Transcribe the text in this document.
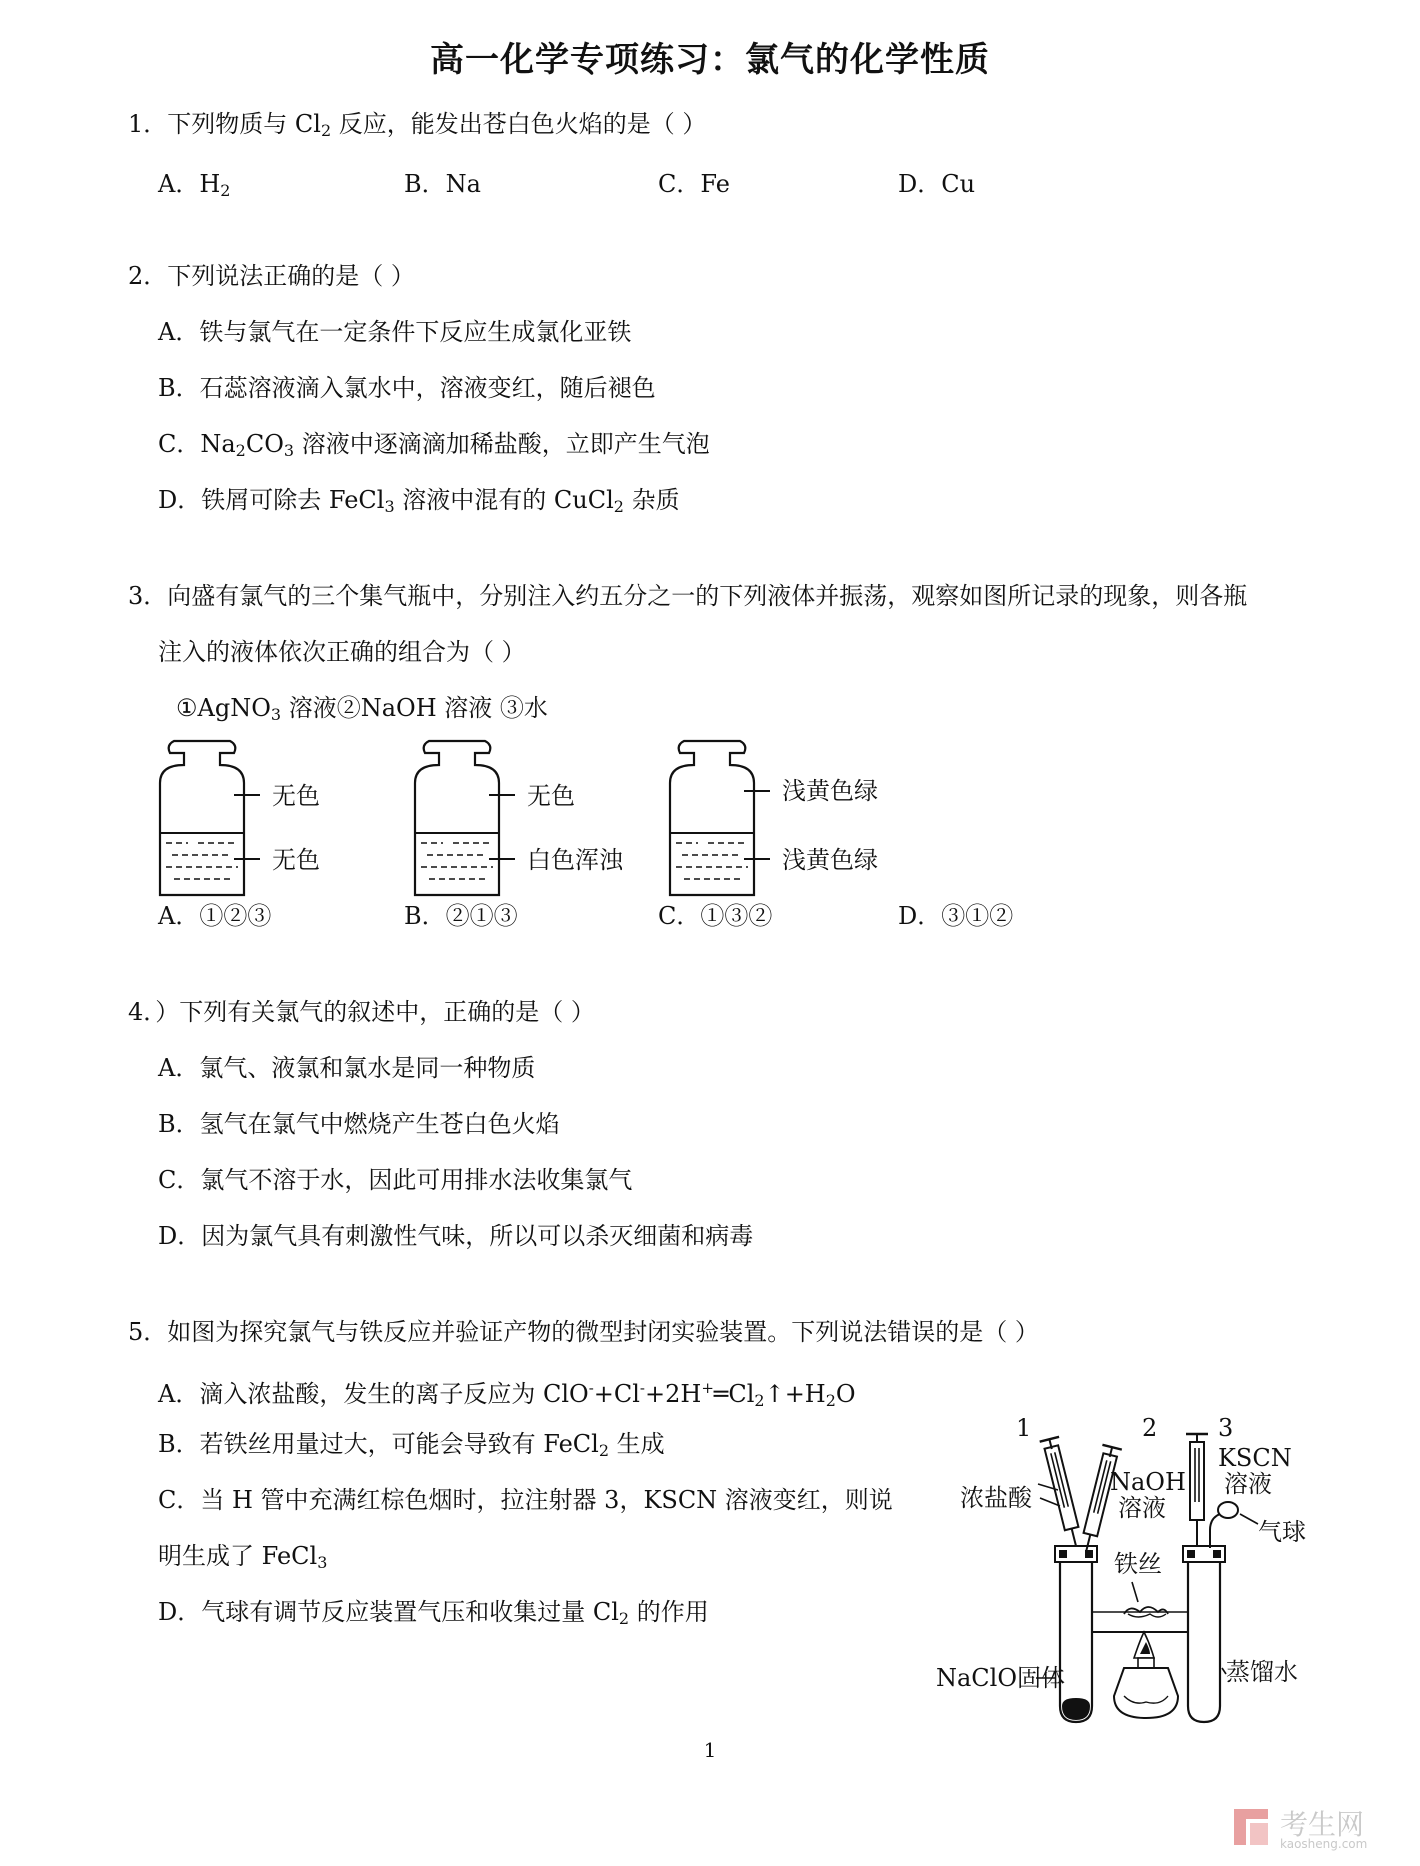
高一化学专项练习：氯气的化学性质
1．下列物质与 $Cl_2$ 反应，能发出苍白色火焰的是（ ）
A．$H_2$	B．Na	C．Fe	D．Cu
2．下列说法正确的是（ ）
A．铁与氯气在一定条件下反应生成氯化亚铁
B．石蕊溶液滴入氯水中，溶液变红，随后褪色
C．$Na_2CO_3$ 溶液中逐滴滴加稀盐酸，立即产生气泡
D．铁屑可除去 FeCl$_3$ 溶液中混有的 CuCl$_2$ 杂质
3．向盛有氯气的三个集气瓶中，分别注入约五分之一的下列液体并振荡，观察如图所记录的现象，则各瓶
注入的液体依次正确的组合为（ ）
①AgNO$_3$ 溶液②NaOH 溶液 ③水
无色
无色
无色
白色浑浊
浅黄色绿
浅黄色绿
A．①②③	B．②①③	C．①③②	D．③①②
4．）下列有关氯气的叙述中，正确的是（ ）
A．氯气、液氯和氯水是同一种物质
B．氢气在氯气中燃烧产生苍白色火焰
C．氯气不溶于水，因此可用排水法收集氯气
D．因为氯气具有刺激性气味，所以可以杀灭细菌和病毒
5．如图为探究氯气与铁反应并验证产物的微型封闭实验装置。下列说法错误的是（ ）
A．滴入浓盐酸，发生的离子反应为 $ClO^-+Cl^-+2H^+═Cl_2↑+H_2O$
B．若铁丝用量过大，可能会导致有 FeCl$_2$ 生成
C．当 H 管中充满红棕色烟时，拉注射器 3，KSCN 溶液变红，则说
明生成了 FeCl$_3$
D．气球有调节反应装置气压和收集过量 $Cl_2$ 的作用
1	2	3
KSCN
溶液
浓盐酸
NaOH
溶液
气球
铁丝
NaClO固体	蒸馏水
1
考生网
kaosheng.com
